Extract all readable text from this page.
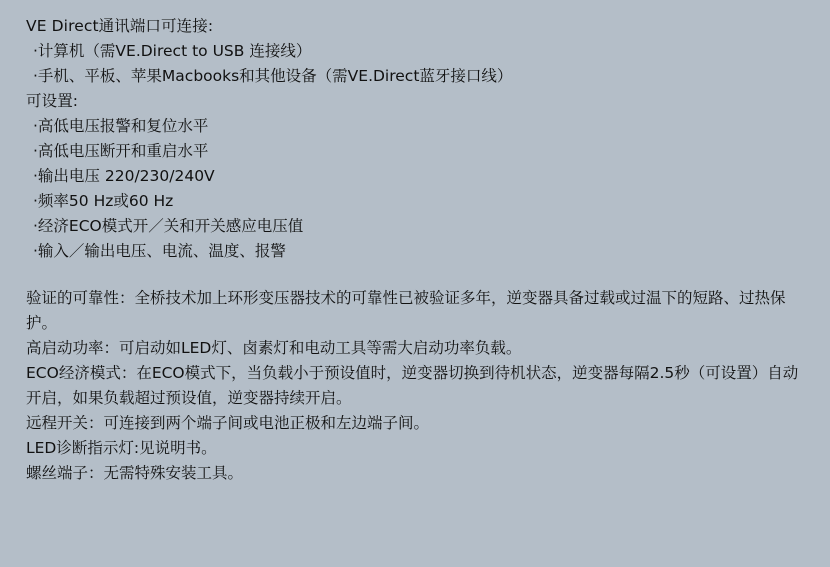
VE Direct通讯端口可连接:
·计算机（需VE.Direct to USB 连接线）
·手机、平板、苹果Macbooks和其他设备（需VE.Direct蓝牙接口线）
可设置:
·高低电压报警和复位水平
·高低电压断开和重启水平
·输出电压 220/230/240V
·频率50 Hz或60 Hz
·经济ECO模式开／关和开关感应电压值
·输入／输出电压、电流、温度、报警
验证的可靠性：全桥技术加上环形变压器技术的可靠性已被验证多年，逆变器具备过载或过温下的短路、过热保护。
高启动功率：可启动如LED灯、卤素灯和电动工具等需大启动功率负载。
ECO经济模式：在ECO模式下，当负载小于预设值时，逆变器切换到待机状态，逆变器每隔2.5秒（可设置）自动开启，如果负载超过预设值，逆变器持续开启。
远程开关：可连接到两个端子间或电池正极和左边端子间。
LED诊断指示灯:见说明书。
螺丝端子：无需特殊安装工具。
